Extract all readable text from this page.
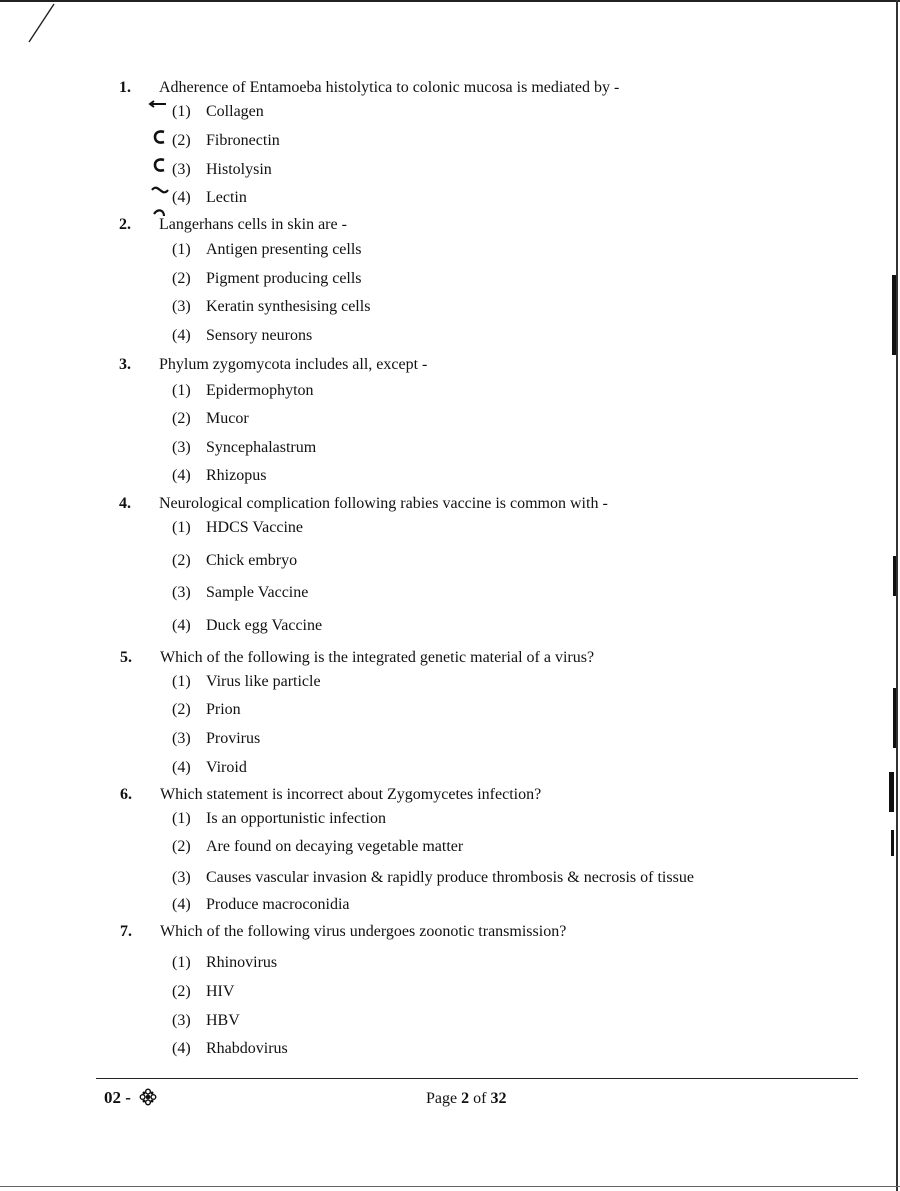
1. Adherence of Entamoeba histolytica to colonic mucosa is mediated by -
(1) Collagen
(2) Fibronectin
(3) Histolysin
(4) Lectin
2. Langerhans cells in skin are -
(1) Antigen presenting cells
(2) Pigment producing cells
(3) Keratin synthesising cells
(4) Sensory neurons
3. Phylum zygomycota includes all, except -
(1) Epidermophyton
(2) Mucor
(3) Syncephalastrum
(4) Rhizopus
4. Neurological complication following rabies vaccine is common with -
(1) HDCS Vaccine
(2) Chick embryo
(3) Sample Vaccine
(4) Duck egg Vaccine
5. Which of the following is the integrated genetic material of a virus?
(1) Virus like particle
(2) Prion
(3) Provirus
(4) Viroid
6. Which statement is incorrect about Zygomycetes infection?
(1) Is an opportunistic infection
(2) Are found on decaying vegetable matter
(3) Causes vascular invasion & rapidly produce thrombosis & necrosis of tissue
(4) Produce macroconidia
7. Which of the following virus undergoes zoonotic transmission?
(1) Rhinovirus
(2) HIV
(3) HBV
(4) Rhabdovirus
02 -	Page 2 of 32
